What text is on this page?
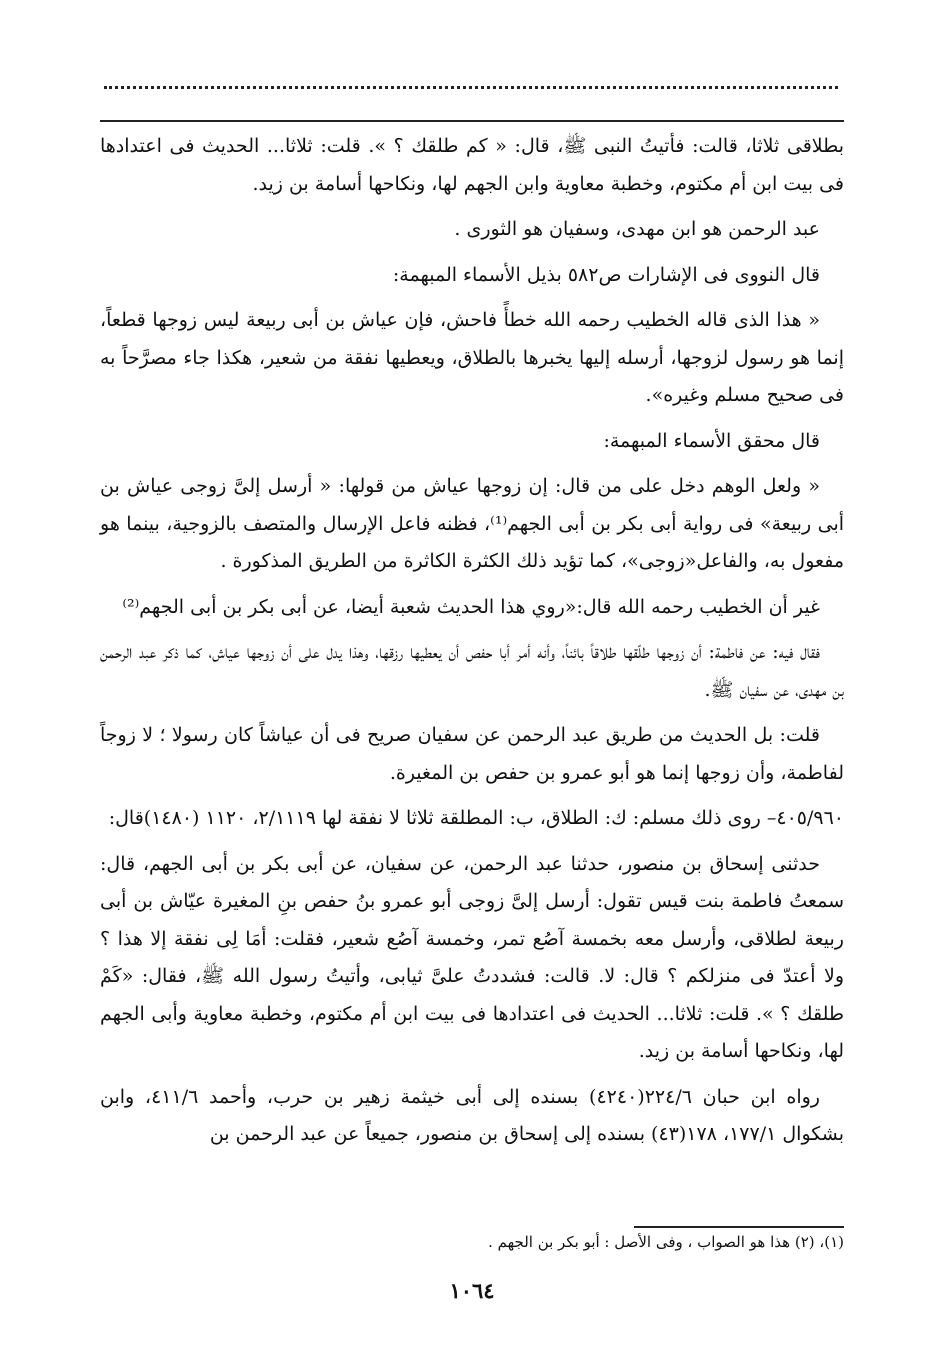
بطلاقى ثلاثا، قالت: فأتيتُ النبى ﷺ، قال: « كم طلقك ؟ ». قلت: ثلاثا... الحديث فى اعتدادها فى بيت ابن أم مكتوم، وخطبة معاوية وابن الجهم لها، ونكاحها أسامة بن زيد.

عبد الرحمن هو ابن مهدى، وسفيان هو الثورى .

قال النووى فى الإشارات ص٥٨٢ بذيل الأسماء المبهمة:

« هذا الذى قاله الخطيب رحمه الله خطأً فاحش، فإن عياش بن أبى ربيعة ليس زوجها قطعاً، إنما هو رسول لزوجها، أرسله إليها يخبرها بالطلاق، ويعطيها نفقة من شعير، هكذا جاء مصرَّحاً به فى صحيح مسلم وغيره».

قال محقق الأسماء المبهمة:

« ولعل الوهم دخل على من قال: إن زوجها عياش من قولها: « أرسل إلىَّ زوجى عياش بن أبى ربيعة» فى رواية أبى بكر بن أبى الجهم⁽¹⁾، فظنه فاعل الإرسال والمتصف بالزوجية، بينما هو مفعول به، والفاعل«زوجى»، كما تؤيد ذلك الكثرة الكاثرة من الطريق المذكورة .

غير أن الخطيب رحمه الله قال:«روي هذا الحديث شعبة أيضا، عن أبى بكر بن أبى الجهم⁽²⁾

فقال فيه: عن فاطمة: أن زوجها طلّقها طلاقاً بائناً، وأنه أمر أبا حفص أن يعطيها رزقها، وهذا يدل على أن زوجها عياش، كما ذكر عبد الرحمن بن مهدى، عن سفيان ﷺ.

قلت: بل الحديث من طريق عبد الرحمن عن سفيان صريح فى أن عياشاً كان رسولا ؛ لا زوجاً لفاطمة، وأن زوجها إنما هو أبو عمرو بن حفص بن المغيرة.

٤٠٥/٩٦٠– روى ذلك مسلم: ك: الطلاق، ب: المطلقة ثلاثا لا نفقة لها ٢/١١١٩، ١١٢٠ (١٤٨٠)قال:

حدثنى إسحاق بن منصور، حدثنا عبد الرحمن، عن سفيان، عن أبى بكر بن أبى الجهم، قال: سمعتُ فاطمة بنت قيس تقول: أرسل إلىَّ زوجى أبو عمرو بنُ حفص بنِ المغيرة عيّاش بن أبى ربيعة لطلاقى، وأرسل معه بخمسة آصُع تمر، وخمسة آصُع شعير، فقلت: أمَا لِى نفقة إلا هذا ؟ ولا أعتدّ فى منزلكم ؟ قال: لا. قالت: فشددتُ علىَّ ثيابى، وأتيتُ رسول الله ﷺ، فقال: «كَمْ طلقك ؟ ». قلت: ثلاثا... الحديث فى اعتدادها فى بيت ابن أم مكتوم، وخطبة معاوية وأبى الجهم لها، ونكاحها أسامة بن زيد.

رواه ابن حبان ٢٢٤/٦(٤٢٤٠) بسنده إلى أبى خيثمة زهير بن حرب، وأحمد ٤١١/٦، وابن بشكوال ١٧٧/١، ١٧٨(٤٣) بسنده إلى إسحاق بن منصور، جميعاً عن عبد الرحمن بن

(١)، (٢) هذا هو الصواب ، وفى الأصل : أبو بكر بن الجهم .
١٠٦٤
